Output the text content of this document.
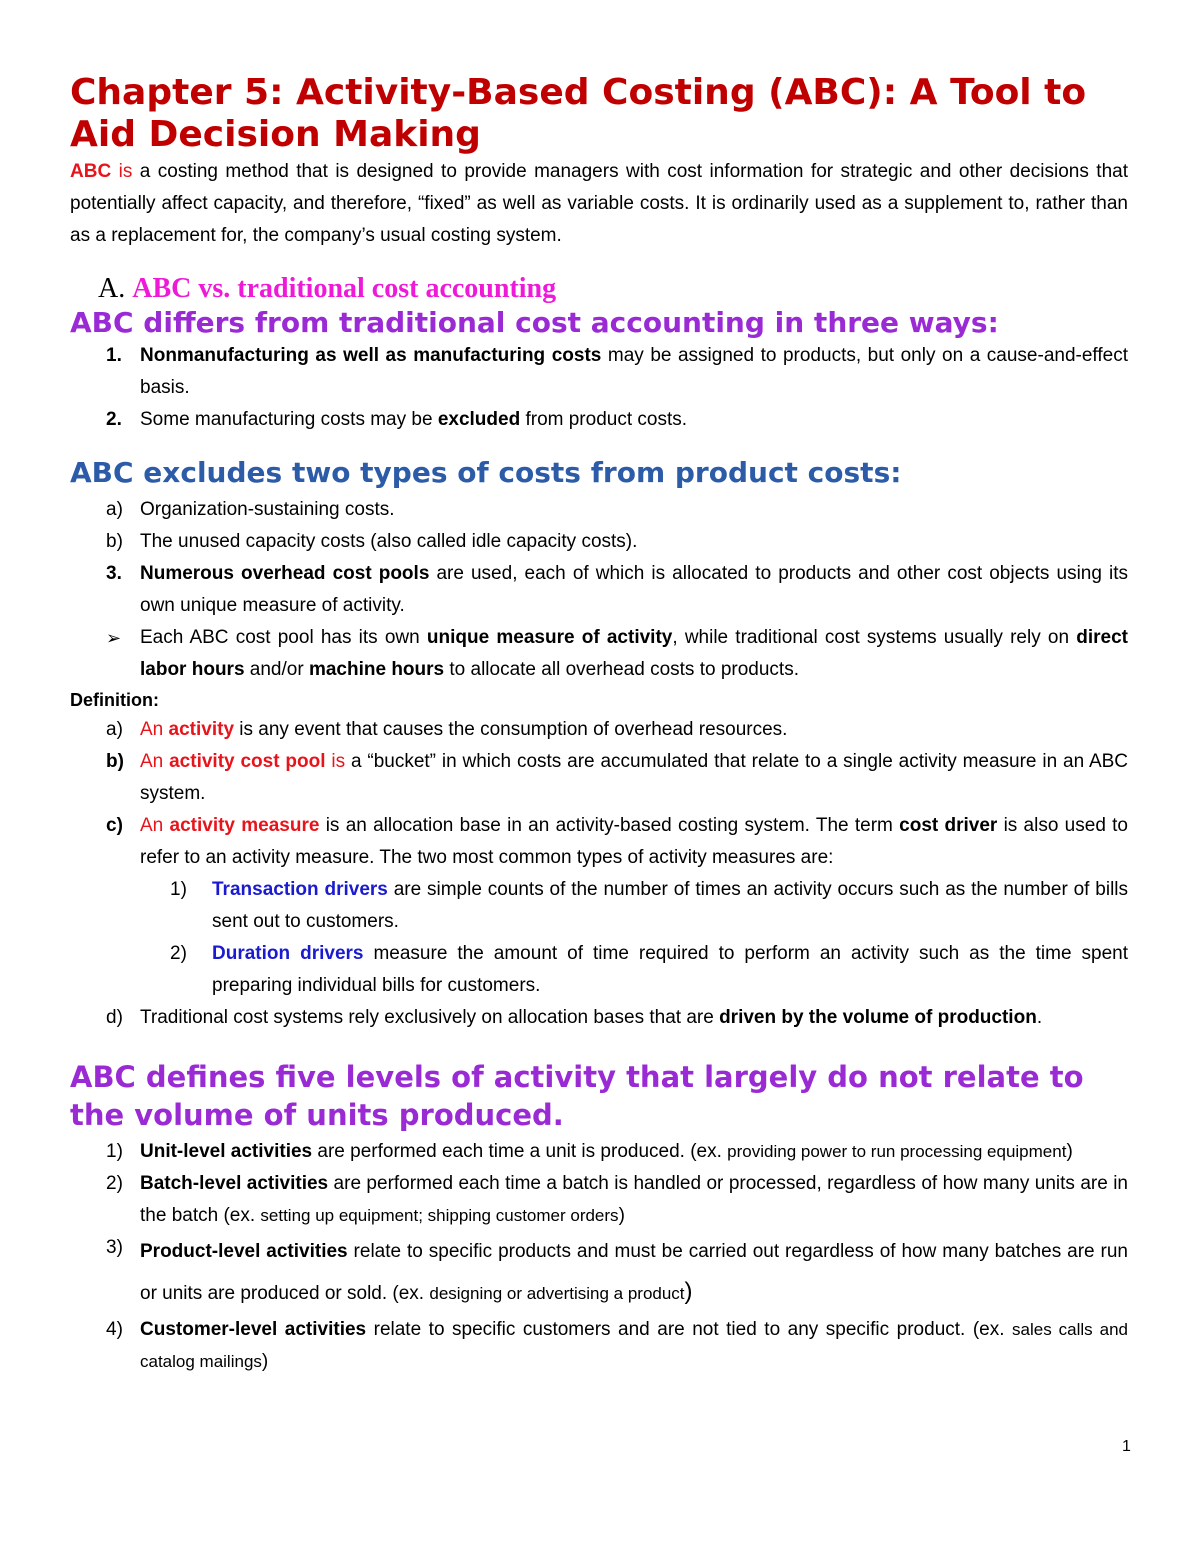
Chapter 5: Activity-Based Costing (ABC): A Tool to Aid Decision Making

ABC is a costing method that is designed to provide managers with cost information for strategic and other decisions that potentially affect capacity, and therefore, “fixed” as well as variable costs. It is ordinarily used as a supplement to, rather than as a replacement for, the company’s usual costing system.

A. ABC vs. traditional cost accounting
ABC differs from traditional cost accounting in three ways:
1. Nonmanufacturing as well as manufacturing costs may be assigned to products, but only on a cause-and-effect basis.
2. Some manufacturing costs may be excluded from product costs.
ABC excludes two types of costs from product costs:
a) Organization-sustaining costs.
b) The unused capacity costs (also called idle capacity costs).
3. Numerous overhead cost pools are used, each of which is allocated to products and other cost objects using its own unique measure of activity.
➢ Each ABC cost pool has its own unique measure of activity, while traditional cost systems usually rely on direct labor hours and/or machine hours to allocate all overhead costs to products.

Definition:

a) An activity is any event that causes the consumption of overhead resources.
b) An activity cost pool is a “bucket” in which costs are accumulated that relate to a single activity measure in an ABC system.
c) An activity measure is an allocation base in an activity-based costing system. The term cost driver is also used to refer to an activity measure. The two most common types of activity measures are:
1)	Transaction drivers are simple counts of the number of times an activity occurs such as the number of bills sent out to customers.
2)	Duration drivers measure the amount of time required to perform an activity such as the time spent preparing individual bills for customers.
d) Traditional cost systems rely exclusively on allocation bases that are driven by the volume of production.
ABC defines five levels of activity that largely do not relate to the volume of units produced.
1) Unit-level activities are performed each time a unit is produced. (ex. providing power to run processing equipment)
2) Batch-level activities are performed each time a batch is handled or processed, regardless of how many units are in the batch (ex. setting up equipment; shipping customer orders)
3) Product-level activities relate to specific products and must be carried out regardless of how many batches are run or units are produced or sold. (ex. designing or advertising a product)
4) Customer-level activities relate to specific customers and are not tied to any specific product. (ex. sales calls and catalog mailings)
1
